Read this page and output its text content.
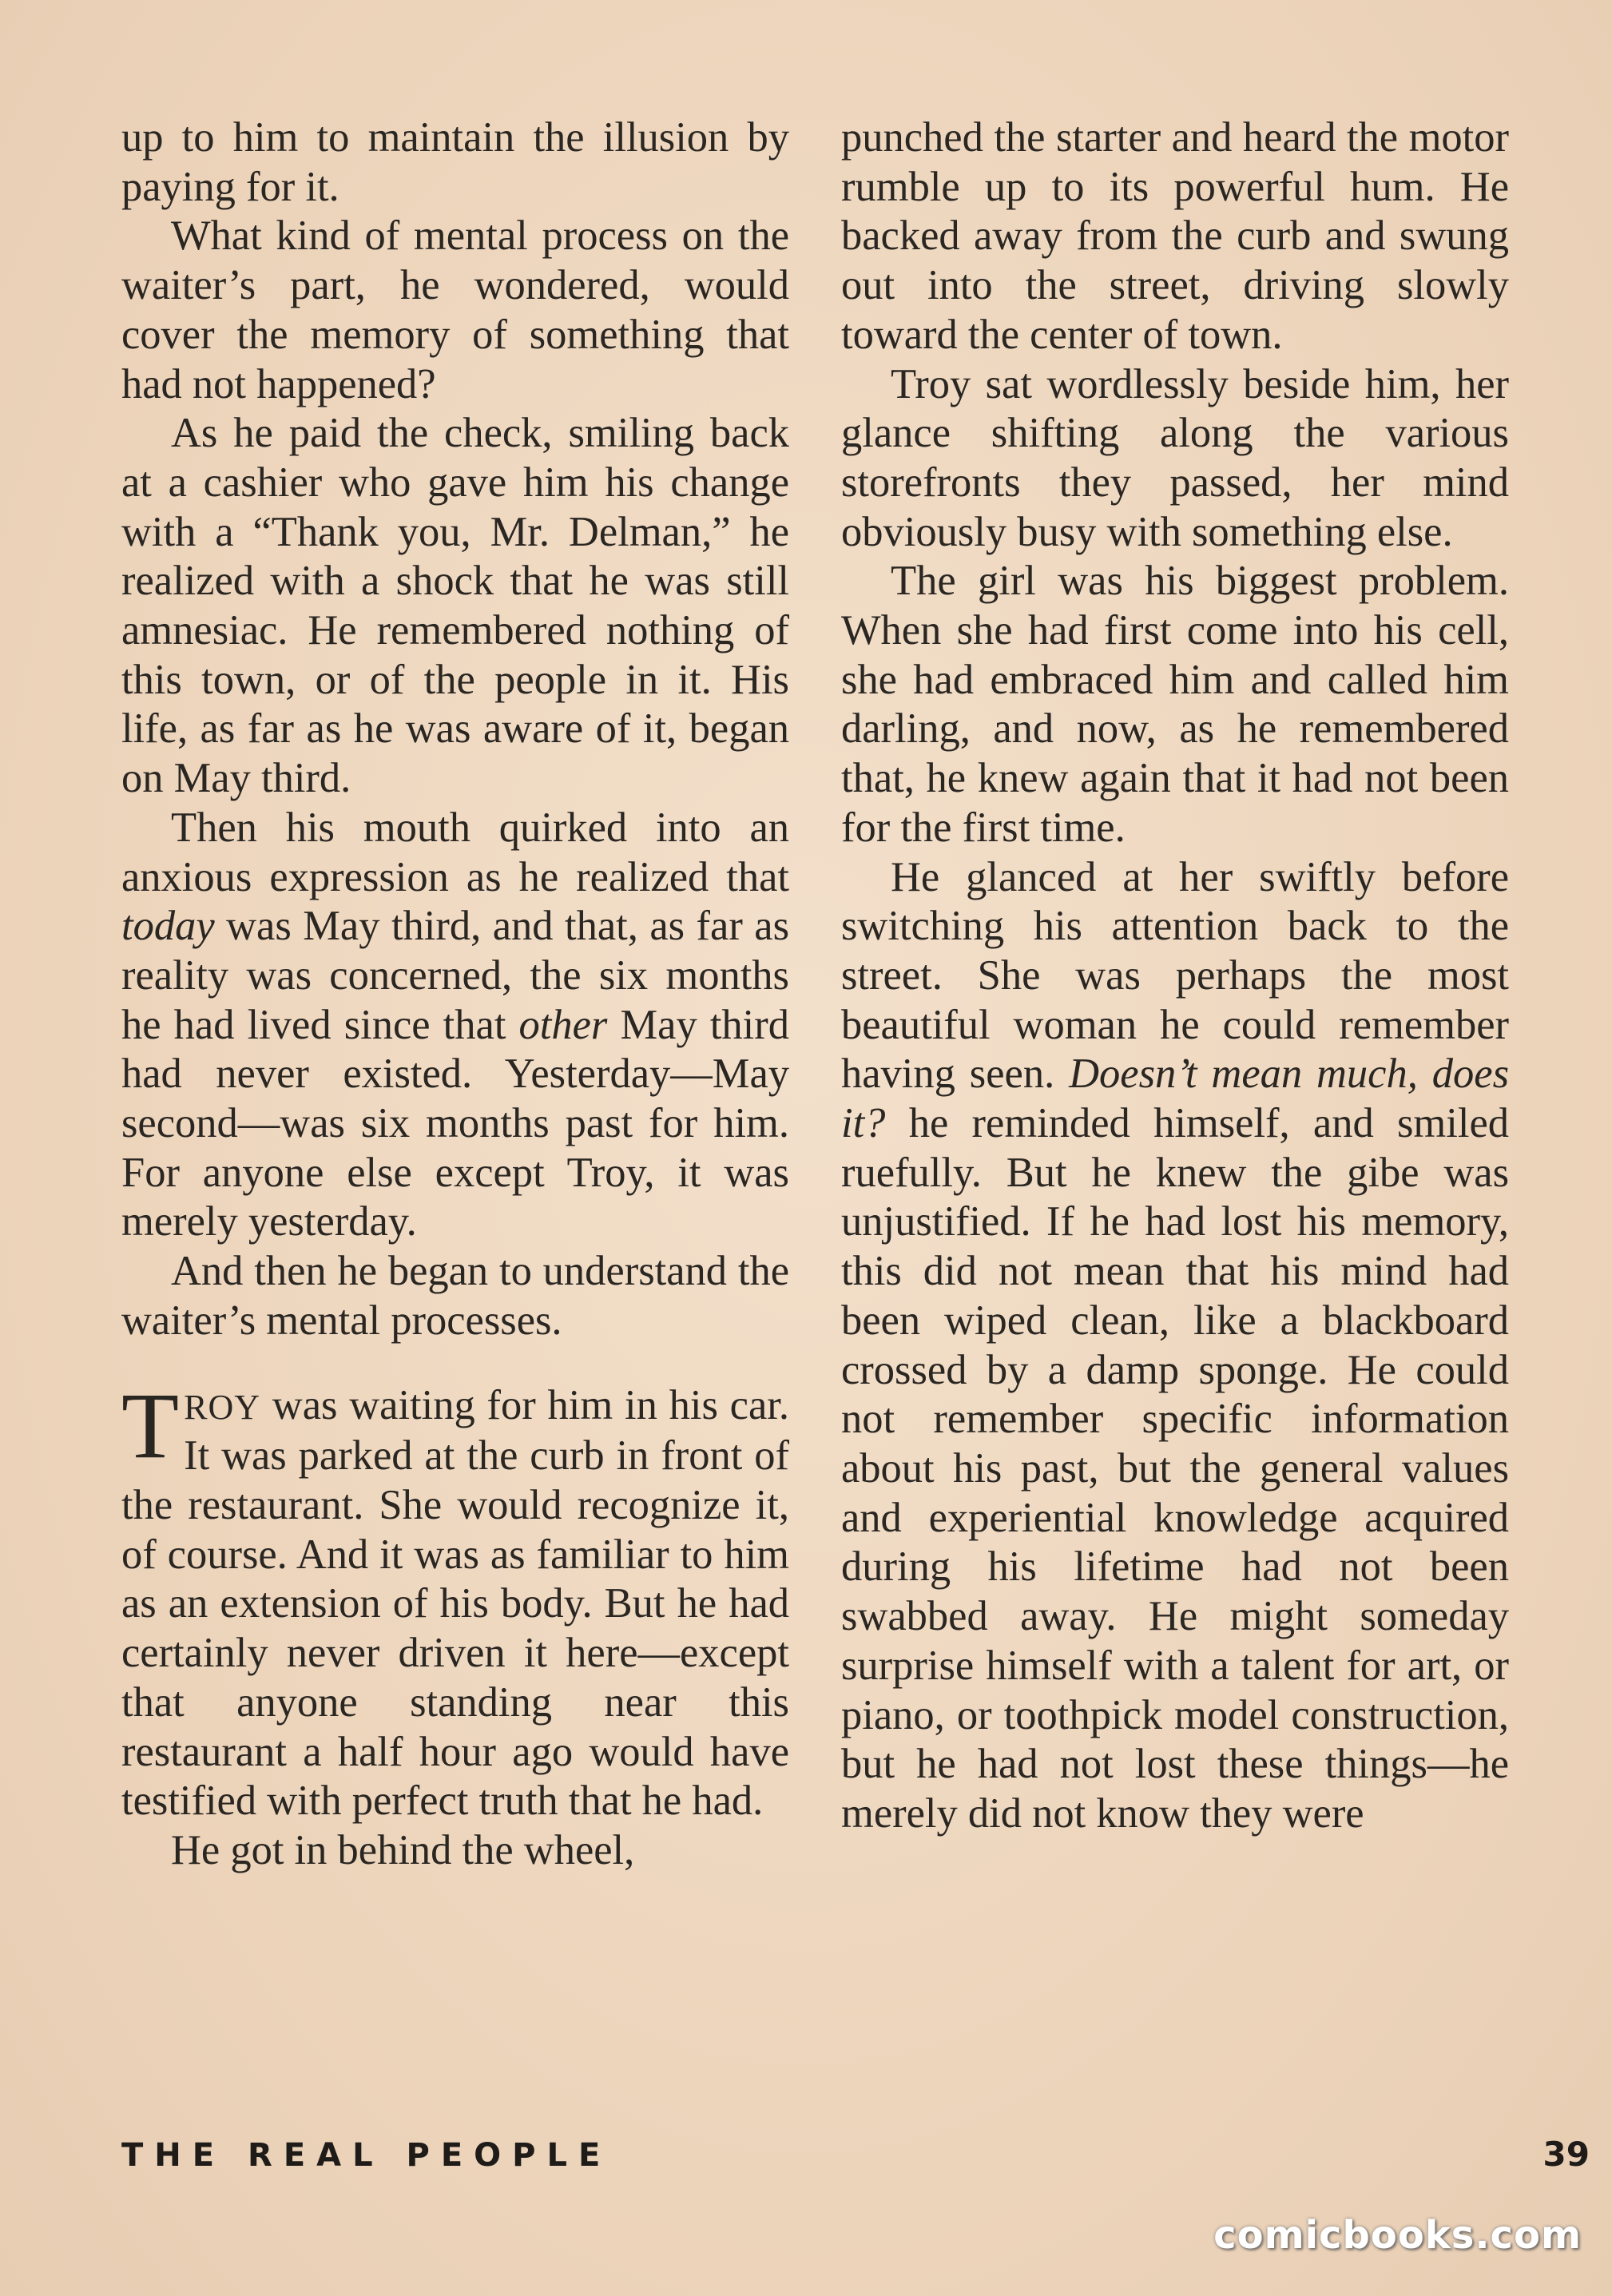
up to him to maintain the illusion by paying for it.

What kind of mental process on the waiter’s part, he wondered, would cover the memory of something that had not happened?

As he paid the check, smiling back at a cashier who gave him his change with a “Thank you, Mr. Delman,” he realized with a shock that he was still amnesiac. He remembered nothing of this town, or of the people in it. His life, as far as he was aware of it, began on May third.

Then his mouth quirked into an anxious expression as he realized that today was May third, and that, as far as reality was concerned, the six months he had lived since that other May third had never existed. Yesterday—May second—was six months past for him. For anyone else except Troy, it was merely yesterday.

And then he began to understand the waiter’s mental processes.

TROY was waiting for him in his car. It was parked at the curb in front of the restaurant. She would recognize it, of course. And it was as familiar to him as an extension of his body. But he had certainly never driven it here—except that anyone standing near this restaurant a half hour ago would have testified with perfect truth that he had.

He got in behind the wheel,

punched the starter and heard the motor rumble up to its powerful hum. He backed away from the curb and swung out into the street, driving slowly toward the center of town.

Troy sat wordlessly beside him, her glance shifting along the various storefronts they passed, her mind obviously busy with something else.

The girl was his biggest problem. When she had first come into his cell, she had embraced him and called him darling, and now, as he remembered that, he knew again that it had not been for the first time.

He glanced at her swiftly before switching his attention back to the street. She was perhaps the most beautiful woman he could remember having seen. Doesn’t mean much, does it? he reminded himself, and smiled ruefully. But he knew the gibe was unjustified. If he had lost his memory, this did not mean that his mind had been wiped clean, like a blackboard crossed by a damp sponge. He could not remember specific information about his past, but the general values and experiential knowledge acquired during his lifetime had not been swabbed away. He might someday surprise himself with a talent for art, or piano, or toothpick model construction, but he had not lost these things—he merely did not know they were

THE REAL PEOPLE	39
comicbooks.com
